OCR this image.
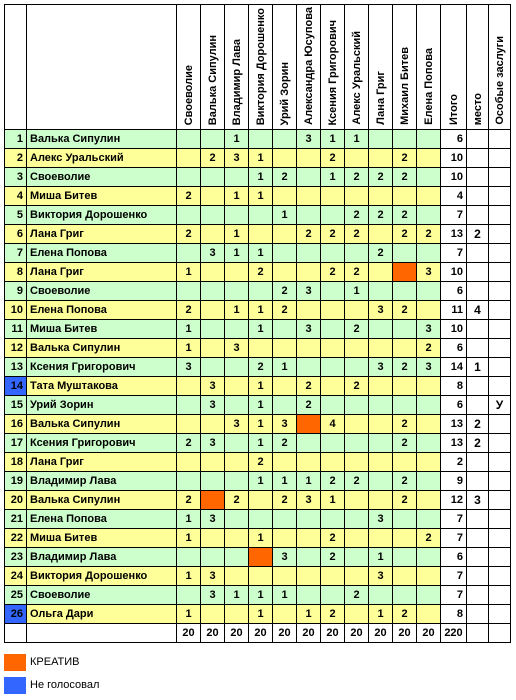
		Своеволие	Валька Сипулин	Владимир Лава	Виктория Дорошенко	Урий Зорин	Александра Юсупова	Ксения Григорович	Алекс Уральский	Лана Григ	Михаил Битев	Елена Попова	Итого	место	Особые заслуги

1	Валька Сипулин			1			3	1	1				6		
2	Алекс Уральский		2	3	1			2			2		10		
3	Своеволие				1	2		1	2	2	2		10		
4	Миша Битев	2		1	1								4		
5	Виктория Дорошенко					1			2	2	2		7		
6	Лана Григ	2		1			2	2	2		2	2	13	2	
7	Елена Попова		3	1	1					2			7		
8	Лана Григ	1			2			2	2			3	10		
9	Своеволие					2	3		1				6		
10	Елена Попова	2		1	1	2				3	2		11	4	
11	Миша Битев	1			1		3		2			3	10		
12	Валька Сипулин	1		3								2	6		
13	Ксения Григорович	3			2	1				3	2	3	14	1	
14	Тата Муштакова		3		1		2		2				8		
15	Урий Зорин		3		1		2						6		У
16	Валька Сипулин			3	1	3		4			2		13	2	
17	Ксения Григорович	2	3		1	2					2		13	2	
18	Лана Григ				2								2		
19	Владимир Лава				1	1	1	2	2		2		9		
20	Валька Сипулин	2		2		2	3	1			2		12	3	
21	Елена Попова	1	3							3			7		
22	Миша Битев	1			1			2				2	7		
23	Владимир Лава					3		2		1			6		
24	Виктория Дорошенко	1	3							3			7		
25	Своеволие		3	1	1	1			2				7		
26	Ольга Дари	1			1		1	2		1	2		8		
		20	20	20	20	20	20	20	20	20	20	20	220		
КРЕАТИВ
Не голосовал
